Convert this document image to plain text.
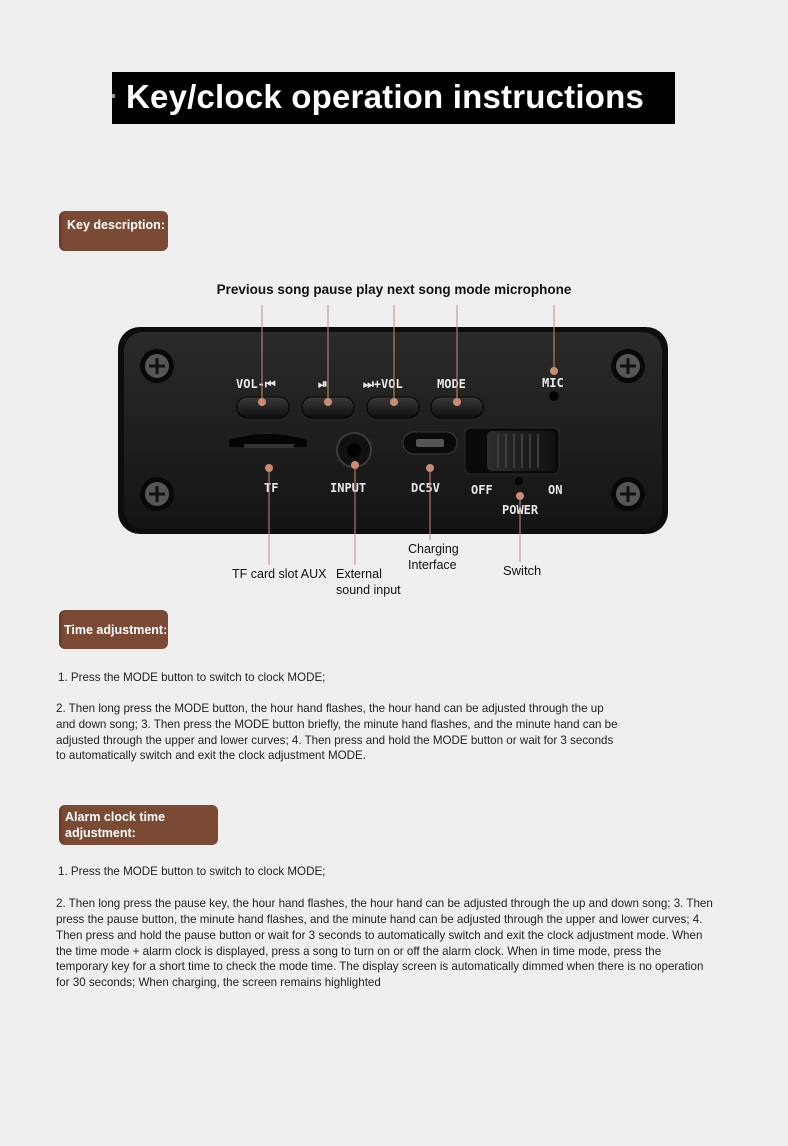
Key/clock operation instructions
Key description:
Previous song pause play next song mode microphone
VOL-⏮	⏯	⏭+VOL	MODE	MIC
TF	INPUT	DC5V	OFF	ON
POWER
TF card slot AUX External
sound input
Charging
Interface	Switch
Time adjustment:
1. Press the MODE button to switch to clock MODE;
2. Then long press the MODE button, the hour hand flashes, the hour hand can be adjusted through the up
and down song; 3. Then press the MODE button briefly, the minute hand flashes, and the minute hand can be
adjusted through the upper and lower curves; 4. Then press and hold the MODE button or wait for 3 seconds
to automatically switch and exit the clock adjustment MODE.
Alarm clock time
adjustment:
1. Press the MODE button to switch to clock MODE;
2. Then long press the pause key, the hour hand flashes, the hour hand can be adjusted through the up and down song; 3. Then
press the pause button, the minute hand flashes, and the minute hand can be adjusted through the upper and lower curves; 4.
Then press and hold the pause button or wait for 3 seconds to automatically switch and exit the clock adjustment mode. When
the time mode + alarm clock is displayed, press a song to turn on or off the alarm clock. When in time mode, press the
temporary key for a short time to check the mode time. The display screen is automatically dimmed when there is no operation
for 30 seconds; When charging, the screen remains highlighted
